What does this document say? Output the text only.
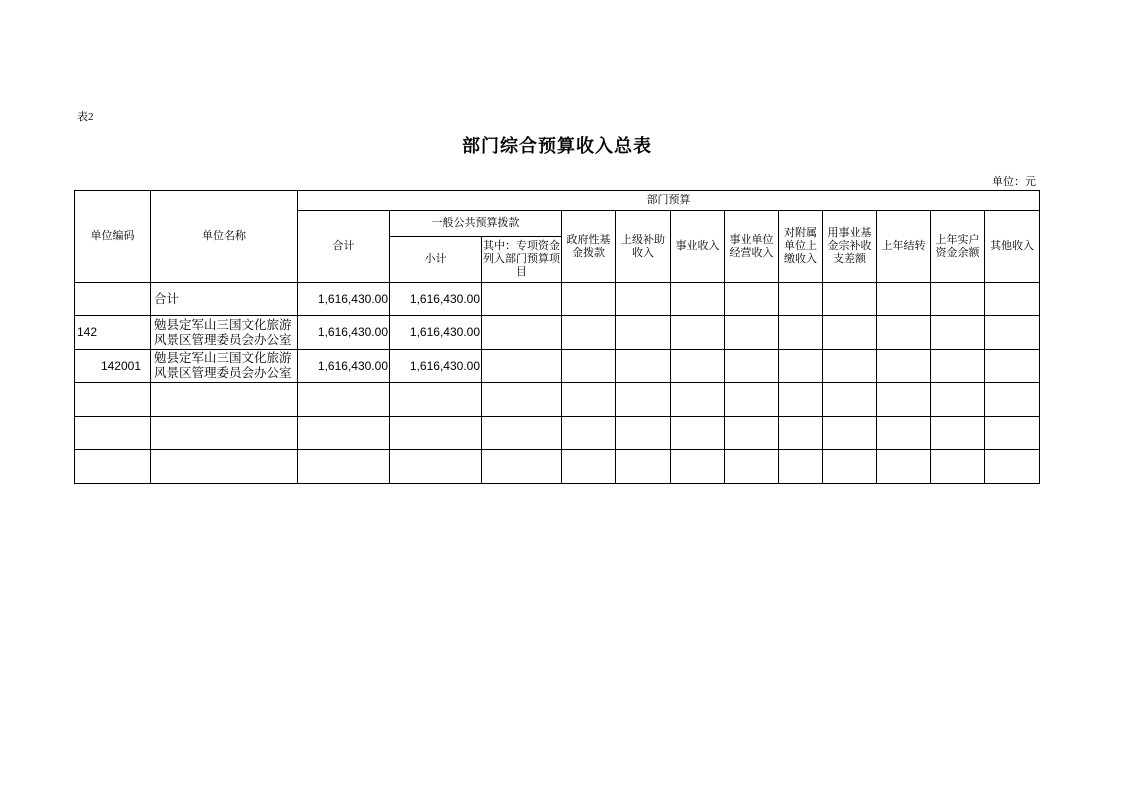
表2
部门综合预算收入总表
单位：元
单位编码	单位名称	部门预算											
		合计	一般公共预算拨款		政府性基金拨款	上级补助收入	事业收入	事业单位经营收入	对附属单位上缴收入	用事业基金宗补收支差额	上年结转	上年实户资金余额	其他收入
			小计	其中：专项资金列入部门预算项目									
	合计	1,616,430.00	1,616,430.00										
142	勉县定军山三国文化旅游风景区管理委员会办公室	1,616,430.00	1,616,430.00										
142001	勉县定军山三国文化旅游风景区管理委员会办公室	1,616,430.00	1,616,430.00										
